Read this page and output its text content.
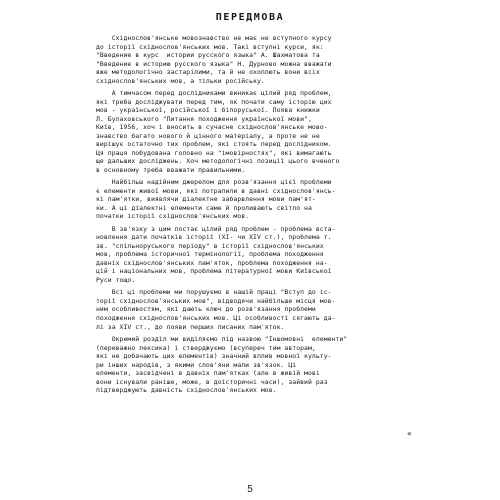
ПЕРЕДМОВА
Східнослов'янське мовознавство не має не вступного курсу
до історії східнослов'янських мов. Такі вступні курси, як:
"Введение в курс  истории русского языка" А. Шахматова та
"Введение в историю русского языка" Н. Дурново можна вважати
вже методологічно застарілими, та й не охоплють вони всіх
східнослов'янських мов, а тільки російську.
А тимчасом перед дослідниками виникає цілий ряд проблем,
які треба досліджувати перед тим, як почати саму історію цих
мов - української, російської і білоруської. Поява книжки
Л. Булаховського "Питання походження української мови",
Київ, 1956, хоч і вносить в сучасне східнослов'янське мово-
знавство багато нового й цінного матеріалу, а проте не не
вирішує остаточно тих проблем, які стоять перед дослідником.
Ця праця побудована головно на "імовірностях", які вимагають
ще дальших досліджень. Хоч методологічні позиції цього вченого
в основному треба вважати правильними.
Найбільш надійним джерелом для розв'язання цієї проблеми
є елементи живої мови, які потрапили в давні східнослов'янсь-
кі пам'ятки, виявлячи діалектне забарвлення мови пам'ят-
ки. А ці діалектні елементи саме й проливають світло на
початки історії східнослов'янських мов.
В зв'язку з цим постає цілий ряд проблем - проблема вста-
новлення дати початків історії (XI- чи XIV ст.), проблема т.
зв. "спільноруського періоду" в історії східнослов'янських
мов, проблема історичної термінології, проблема походження
давніх східнослов'янських пам'яток, проблема походження на-
цій і національних мов, проблема літературної мови Київської
Руси тощо.
Всі ці проблеми ми порушуємо в нашій праці "Вступ до іс-
торії східнослов'янських мов", відводячи найбільше місця мов-
ним особливостям, які дають ключ до розв'язання проблеми
походження східнослов'янських мов. Ці особливості сягають да-
лі за XIV ст., до появи перших писаних пам'яток.
Окремий розділ ми виділяємо під назвою "Іншомовні  елементи"
(переважно лексика) і стверджуємо (всупереч тим авторам,
які не добачають цих елементів) значний вплив мовної культу-
ри інших народів, з якими слов'яни мали зв'язок. Ці
елементи, засвідчені в давніх пам'ятках (але в живій мові
вони існували раніше, може, в доісторичні часи), зайвий раз
підтверджують давність східнослов'янських мов.
«
5
